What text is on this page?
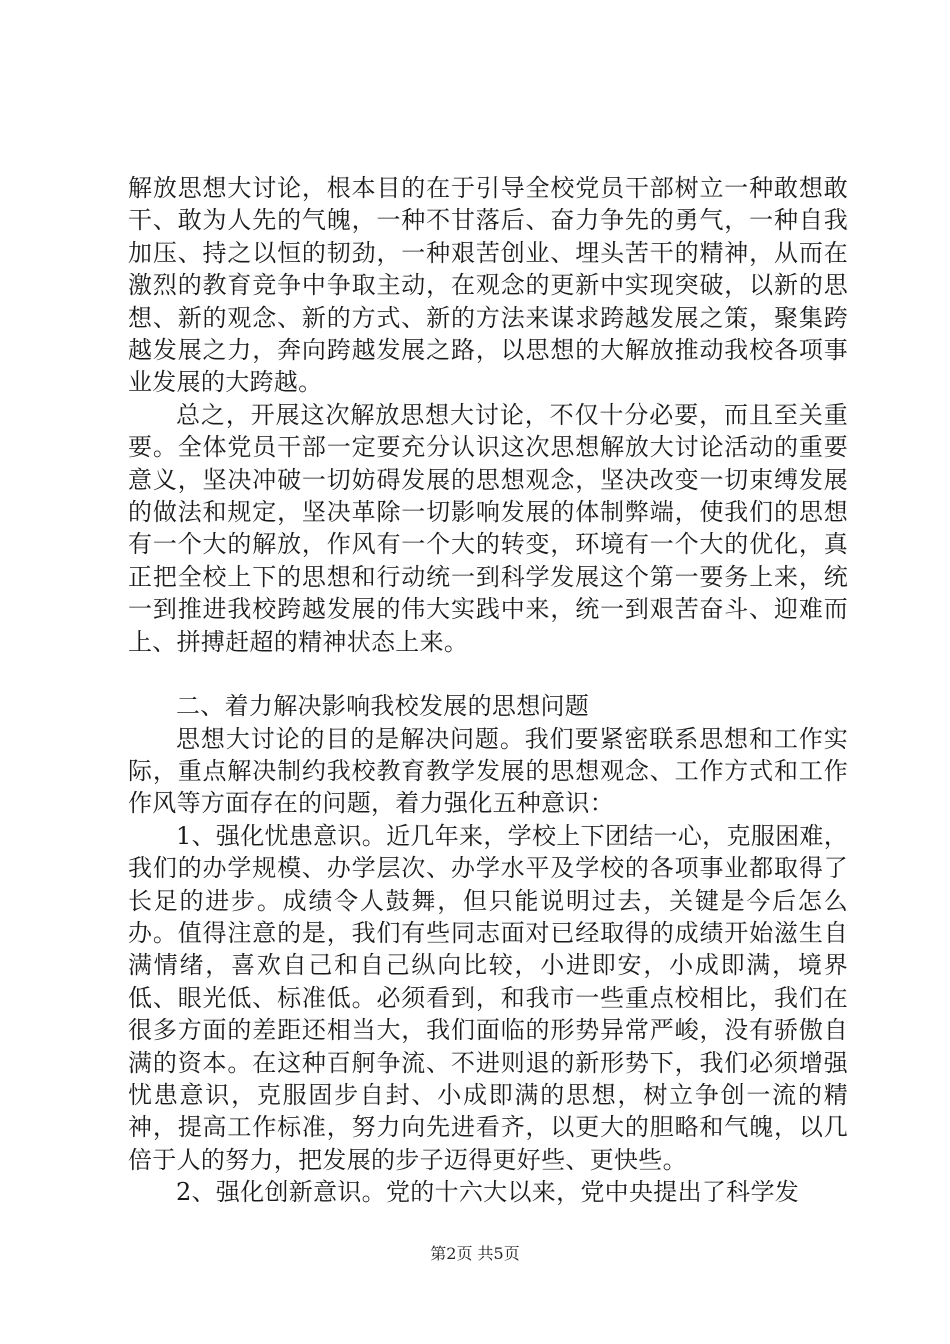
解放思想大讨论，根本目的在于引导全校党员干部树立一种敢想敢干、敢为人先的气魄，一种不甘落后、奋力争先的勇气，一种自我加压、持之以恒的韧劲，一种艰苦创业、埋头苦干的精神，从而在激烈的教育竞争中争取主动，在观念的更新中实现突破，以新的思想、新的观念、新的方式、新的方法来谋求跨越发展之策，聚集跨越发展之力，奔向跨越发展之路，以思想的大解放推动我校各项事业发展的大跨越。

总之，开展这次解放思想大讨论，不仅十分必要，而且至关重要。全体党员干部一定要充分认识这次思想解放大讨论活动的重要意义，坚决冲破一切妨碍发展的思想观念，坚决改变一切束缚发展的做法和规定，坚决革除一切影响发展的体制弊端，使我们的思想有一个大的解放，作风有一个大的转变，环境有一个大的优化，真正把全校上下的思想和行动统一到科学发展这个第一要务上来，统一到推进我校跨越发展的伟大实践中来，统一到艰苦奋斗、迎难而上、拼搏赶超的精神状态上来。

二、着力解决影响我校发展的思想问题

思想大讨论的目的是解决问题。我们要紧密联系思想和工作实际，重点解决制约我校教育教学发展的思想观念、工作方式和工作作风等方面存在的问题，着力强化五种意识：

1、强化忧患意识。近几年来，学校上下团结一心，克服困难，我们的办学规模、办学层次、办学水平及学校的各项事业都取得了长足的进步。成绩令人鼓舞，但只能说明过去，关键是今后怎么办。值得注意的是，我们有些同志面对已经取得的成绩开始滋生自满情绪，喜欢自己和自己纵向比较，小进即安，小成即满，境界低、眼光低、标准低。必须看到，和我市一些重点校相比，我们在很多方面的差距还相当大，我们面临的形势异常严峻，没有骄傲自满的资本。在这种百舸争流、不进则退的新形势下，我们必须增强忧患意识，克服固步自封、小成即满的思想，树立争创一流的精神，提高工作标准，努力向先进看齐，以更大的胆略和气魄，以几倍于人的努力，把发展的步子迈得更好些、更快些。

2、强化创新意识。党的十六大以来，党中央提出了科学发

第2页 共5页
